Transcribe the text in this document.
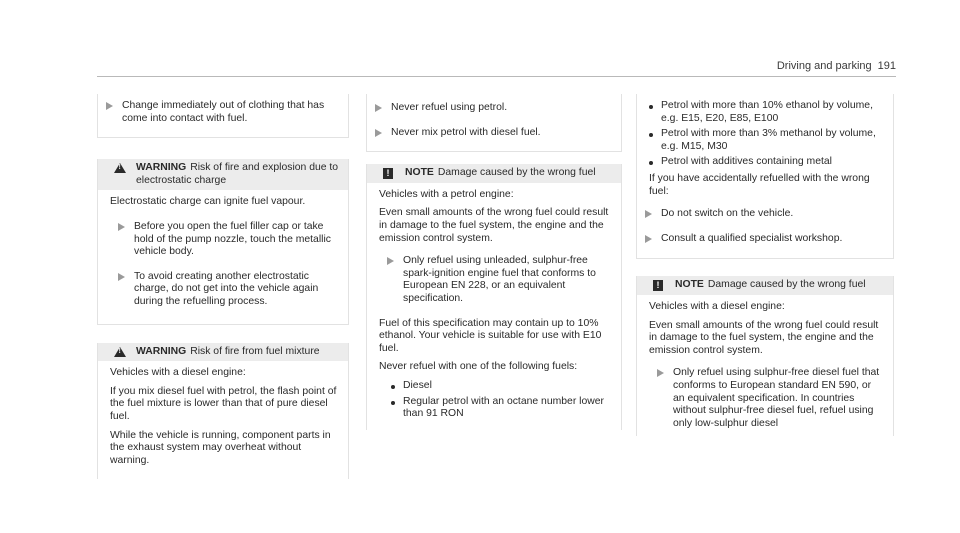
Driving and parking 191
Change immediately out of clothing that has come into contact with fuel.
!
WARNING Risk of fire and explosion due to electrostatic charge

Electrostatic charge can ignite fuel vapour.

Before you open the fuel filler cap or take hold of the pump nozzle, touch the metallic vehicle body.
To avoid creating another electrostatic charge, do not get into the vehicle again during the refuelling process.
!
WARNING Risk of fire from fuel mixture

Vehicles with a diesel engine:

If you mix diesel fuel with petrol, the flash point of the fuel mixture is lower than that of pure diesel fuel.

While the vehicle is running, component parts in the exhaust system may overheat without warning.

Never refuel using petrol.
Never mix petrol with diesel fuel.
!	NOTE Damage caused by the wrong fuel

Vehicles with a petrol engine:

Even small amounts of the wrong fuel could result in damage to the fuel system, the engine and the emission control system.

Only refuel using unleaded, sulphur-free spark-ignition engine fuel that conforms to European EN 228, or an equivalent specification.

Fuel of this specification may contain up to 10% ethanol. Your vehicle is suitable for use with E10 fuel.

Never refuel with one of the following fuels:

Diesel
Regular petrol with an octane number lower than 91 RON
Petrol with more than 10% ethanol by volume, e.g. E15, E20, E85, E100
Petrol with more than 3% methanol by volume, e.g. M15, M30
Petrol with additives containing metal

If you have accidentally refuelled with the wrong fuel:

Do not switch on the vehicle.
Consult a qualified specialist workshop.
!	NOTE Damage caused by the wrong fuel

Vehicles with a diesel engine:

Even small amounts of the wrong fuel could result in damage to the fuel system, the engine and the emission control system.

Only refuel using sulphur-free diesel fuel that conforms to European standard EN 590, or an equivalent specification. In countries without sulphur-free diesel fuel, refuel using only low-sulphur diesel
